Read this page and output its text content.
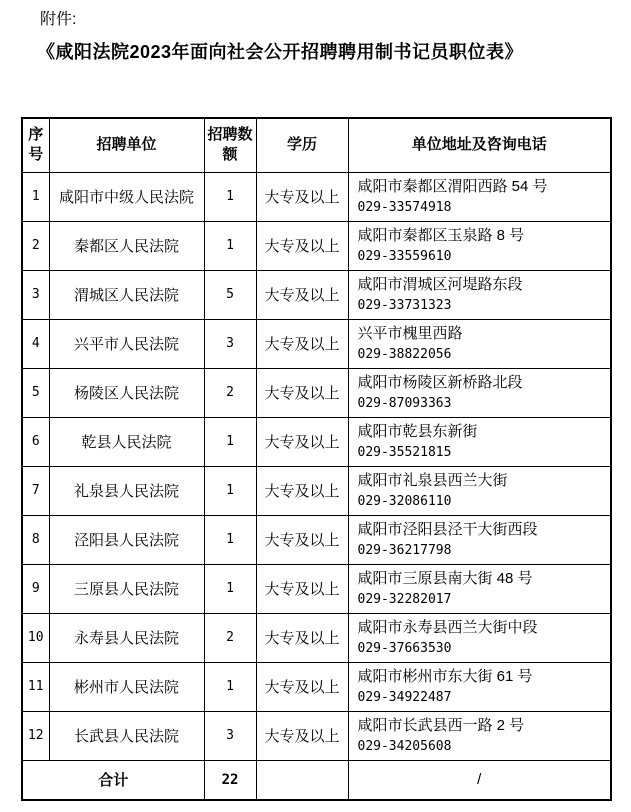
附件:
《咸阳法院2023年面向社会公开招聘聘用制书记员职位表》
序号	招聘单位	招聘数额	学历	单位地址及咨询电话
1	咸阳市中级人民法院	1	大专及以上	咸阳市秦都区渭阳西路 54 号
029-33574918

2	秦都区人民法院	1	大专及以上	咸阳市秦都区玉泉路 8 号
029-33559610

3	渭城区人民法院	5	大专及以上	咸阳市渭城区河堤路东段
029-33731323

4	兴平市人民法院	3	大专及以上	兴平市槐里西路
029-38822056

5	杨陵区人民法院	2	大专及以上	咸阳市杨陵区新桥路北段
029-87093363

6	乾县人民法院	1	大专及以上	咸阳市乾县东新街
029-35521815

7	礼泉县人民法院	1	大专及以上	咸阳市礼泉县西兰大街
029-32086110

8	泾阳县人民法院	1	大专及以上	咸阳市泾阳县泾干大街西段
029-36217798

9	三原县人民法院	1	大专及以上	咸阳市三原县南大街 48 号
029-32282017

10	永寿县人民法院	2	大专及以上	咸阳市永寿县西兰大街中段
029-37663530

11	彬州市人民法院	1	大专及以上	咸阳市彬州市东大街 61 号
029-34922487

12	长武县人民法院	3	大专及以上	咸阳市长武县西一路 2 号
029-34205608

合计		22		/
